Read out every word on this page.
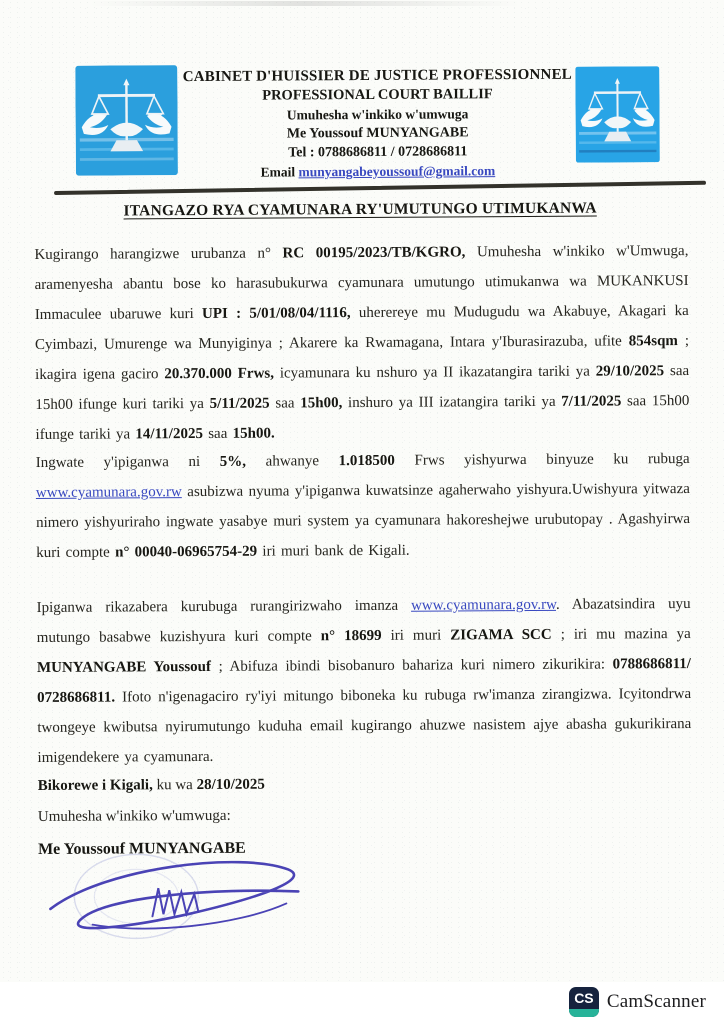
CABINET D'HUISSIER DE JUSTICE PROFESSIONNEL
PROFESSIONAL COURT BAILLIF
Umuhesha w'inkiko w'umwuga
Me Youssouf MUNYANGABE
Tel : 0788686811 / 0728686811
Email munyangabeyoussouf@gmail.com
ITANGAZO RYA CYAMUNARA RY'UMUTUNGO UTIMUKANWA
Kugirango harangizwe urubanza n° RC 00195/2023/TB/KGRO, Umuhesha w'inkiko w'Umwuga, aramenyesha abantu bose ko harasubukurwa cyamunara umutungo utimukanwa wa MUKANKUSI Immaculee ubaruwe kuri UPI : 5/01/08/04/1116, uherereye mu Mudugudu wa Akabuye, Akagari ka Cyimbazi, Umurenge wa Munyiginya ; Akarere ka Rwamagana, Intara y'Iburasirazuba, ufite 854sqm ; ikagira igena gaciro 20.370.000 Frws, icyamunara ku nshuro ya II ikazatangira tariki ya 29/10/2025 saa 15h00 ifunge kuri tariki ya 5/11/2025 saa 15h00, inshuro ya III izatangira tariki ya 7/11/2025 saa 15h00 ifunge tariki ya 14/11/2025 saa 15h00.
Ingwate y'ipiganwa ni 5%, ahwanye 1.018500 Frws yishyurwa binyuze ku rubuga www.cyamunara.gov.rw asubizwa nyuma y'ipiganwa kuwatsinze agaherwaho yishyura.Uwishyura yitwaza nimero yishyuriraho ingwate yasabye muri system ya cyamunara hakoreshejwe urubutopay . Agashyirwa kuri compte n° 00040-06965754-29 iri muri bank de Kigali.
Ipiganwa rikazabera kurubuga rurangirizwaho imanza www.cyamunara.gov.rw. Abazatsindira uyu mutungo basabwe kuzishyura kuri compte n° 18699 iri muri ZIGAMA SCC ; iri mu mazina ya MUNYANGABE Youssouf ; Abifuza ibindi bisobanuro bahariza kuri nimero zikurikira: 0788686811/ 0728686811. Ifoto n'igenagaciro ry'iyi mitungo biboneka ku rubuga rw'imanza zirangizwa. Icyitondrwa twongeye kwibutsa nyirumutungo kuduha email kugirango ahuzwe nasistem ajye abasha gukurikirana imigendekere ya cyamunara.
Bikorewe i Kigali, ku wa 28/10/2025
Umuhesha w'inkiko w'umwuga:
Me Youssouf MUNYANGABE
CS CamScanner
